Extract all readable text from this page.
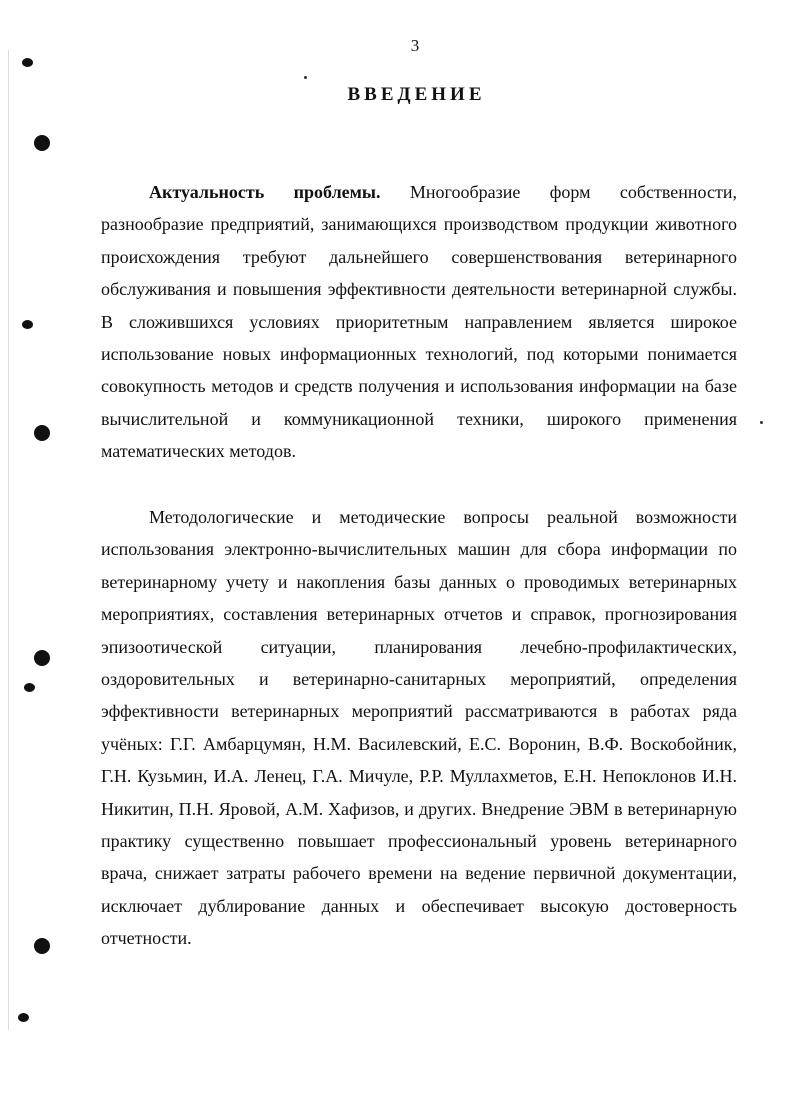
3
ВВЕДЕНИЕ

Актуальность проблемы. Многообразие форм собственности, разнообразие предприятий, занимающихся производством продукции животного происхождения требуют дальнейшего совершенствования ветеринарного обслуживания и повышения эффективности деятельности ветеринарной службы. В сложившихся условиях приоритетным направлением является широкое использование новых информационных технологий, под которыми понимается совокупность методов и средств получения и использования информации на базе вычислительной и коммуникационной техники, широкого применения математических методов.

Методологические и методические вопросы реальной возможности использования электронно-вычислительных машин для сбора информации по ветеринарному учету и накопления базы данных о проводимых ветеринарных мероприятиях, составления ветеринарных отчетов и справок, прогнозирования эпизоотической ситуации, планирования лечебно-профилактических, оздоровительных и ветеринарно-санитарных мероприятий, определения эффективности ветеринарных мероприятий рассматриваются в работах ряда учёных: Г.Г. Амбарцумян, Н.М. Василевский, Е.С. Воронин, В.Ф. Воскобойник, Г.Н. Кузьмин, И.А. Ленец, Г.А. Мичуле, Р.Р. Муллахметов, Е.Н. Непоклонов И.Н. Никитин, П.Н. Яровой, А.М. Хафизов, и других. Внедрение ЭВМ в ветеринарную практику существенно повышает профессиональный уровень ветеринарного врача, снижает затраты рабочего времени на ведение первичной документации, исключает дублирование данных и обеспечивает высокую достоверность отчетности.
